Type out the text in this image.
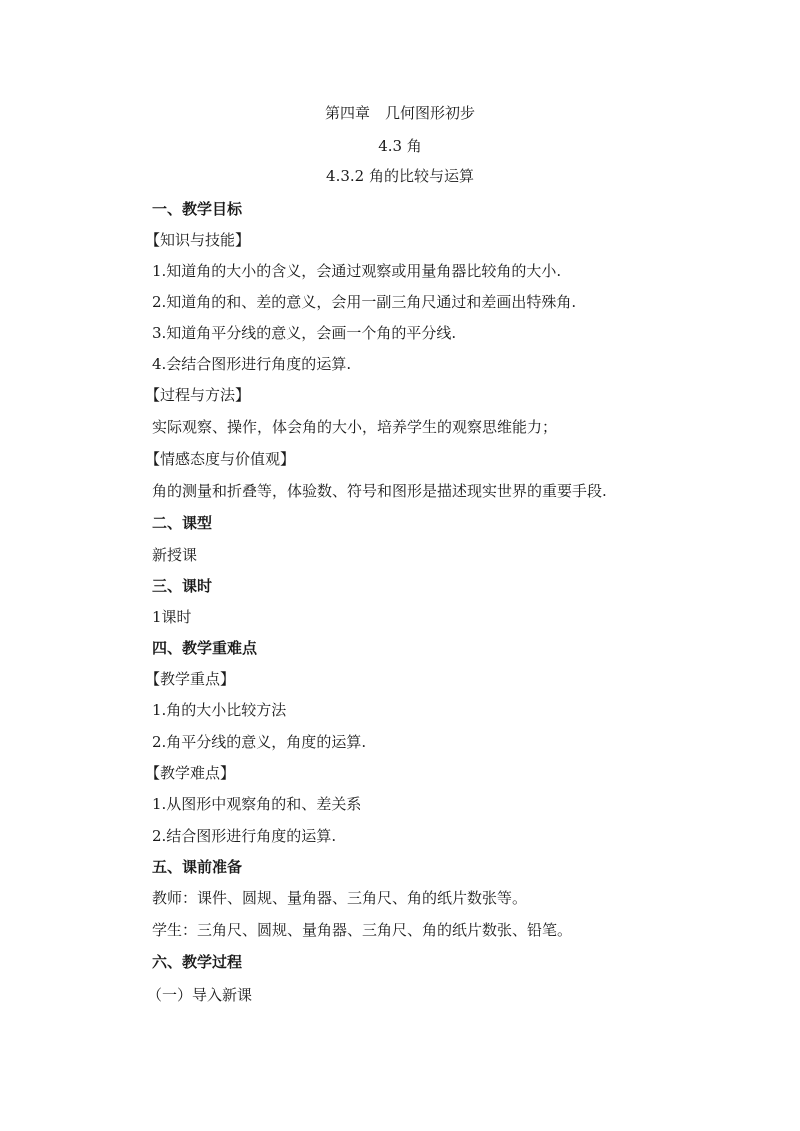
第四章　几何图形初步
4.3 角
4.3.2 角的比较与运算
一、教学目标
【知识与技能】
1.知道角的大小的含义，会通过观察或用量角器比较角的大小.
2.知道角的和、差的意义，会用一副三角尺通过和差画出特殊角.
3.知道角平分线的意义，会画一个角的平分线.
4.会结合图形进行角度的运算.
【过程与方法】
实际观察、操作，体会角的大小，培养学生的观察思维能力；
【情感态度与价值观】
角的测量和折叠等，体验数、符号和图形是描述现实世界的重要手段.
二、课型
新授课
三、课时
1课时
四、教学重难点
【教学重点】
1.角的大小比较方法
2.角平分线的意义，角度的运算.
【教学难点】
1.从图形中观察角的和、差关系
2.结合图形进行角度的运算.
五、课前准备
教师：课件、圆规、量角器、三角尺、角的纸片数张等。
学生：三角尺、圆规、量角器、三角尺、角的纸片数张、铅笔。
六、教学过程
（一）导入新课
